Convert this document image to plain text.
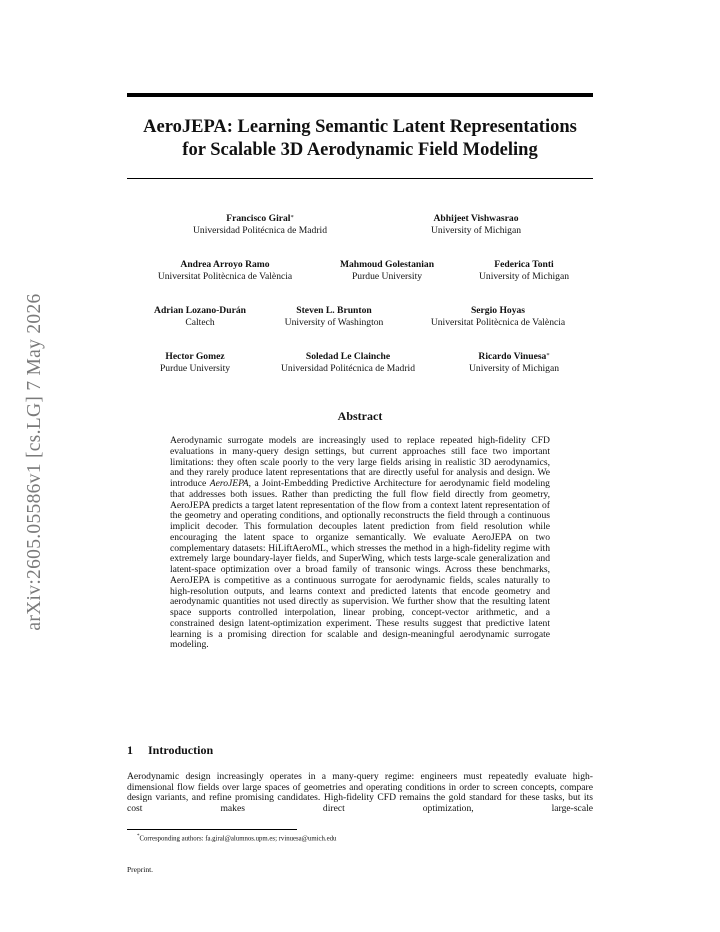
arXiv:2605.05586v1 [cs.LG] 7 May 2026
AeroJEPA: Learning Semantic Latent Representations
for Scalable 3D Aerodynamic Field Modeling
Francisco Giral*
Universidad Politécnica de Madrid
Abhijeet Vishwasrao
University of Michigan
Andrea Arroyo Ramo
Universitat Politècnica de València
Mahmoud Golestanian
Purdue University
Federica Tonti
University of Michigan
Adrian Lozano-Durán
Caltech
Steven L. Brunton
University of Washington
Sergio Hoyas
Universitat Politècnica de València
Hector Gomez
Purdue University
Soledad Le Clainche
Universidad Politécnica de Madrid
Ricardo Vinuesa*
University of Michigan
Abstract

Aerodynamic surrogate models are increasingly used to replace repeated high-fidelity CFD evaluations in many-query design settings, but current approaches still face two important limitations: they often scale poorly to the very large fields arising in realistic 3D aerodynamics, and they rarely produce latent representations that are directly useful for analysis and design. We introduce AeroJEPA, a Joint-Embedding Predictive Architecture for aerodynamic field modeling that addresses both issues. Rather than predicting the full flow field directly from geometry, AeroJEPA predicts a target latent representation of the flow from a context latent representation of the geometry and operating conditions, and optionally reconstructs the field through a continuous implicit decoder. This formulation decouples latent prediction from field resolution while encouraging the latent space to organize semantically. We evaluate AeroJEPA on two complementary datasets: HiLiftAeroML, which stresses the method in a high-fidelity regime with extremely large boundary-layer fields, and SuperWing, which tests large-scale generalization and latent-space optimization over a broad family of transonic wings. Across these benchmarks, AeroJEPA is competitive as a continuous surrogate for aerodynamic fields, scales naturally to high-resolution outputs, and learns context and predicted latents that encode geometry and aerodynamic quantities not used directly as supervision. We further show that the resulting latent space supports controlled interpolation, linear probing, concept-vector arithmetic, and a constrained design latent-optimization experiment. These results suggest that predictive latent learning is a promising direction for scalable and design-meaningful aerodynamic surrogate modeling.

1 Introduction
Aerodynamic design increasingly operates in a many-query regime: engineers must repeatedly evaluate high-dimensional flow fields over large spaces of geometries and operating conditions in order to screen concepts, compare design variants, and refine promising candidates. High-fidelity CFD remains the gold standard for these tasks, but its cost makes direct optimization, large-scale
*Corresponding authors: fa.giral@alumnos.upm.es; rvinuesa@umich.edu
Preprint.
